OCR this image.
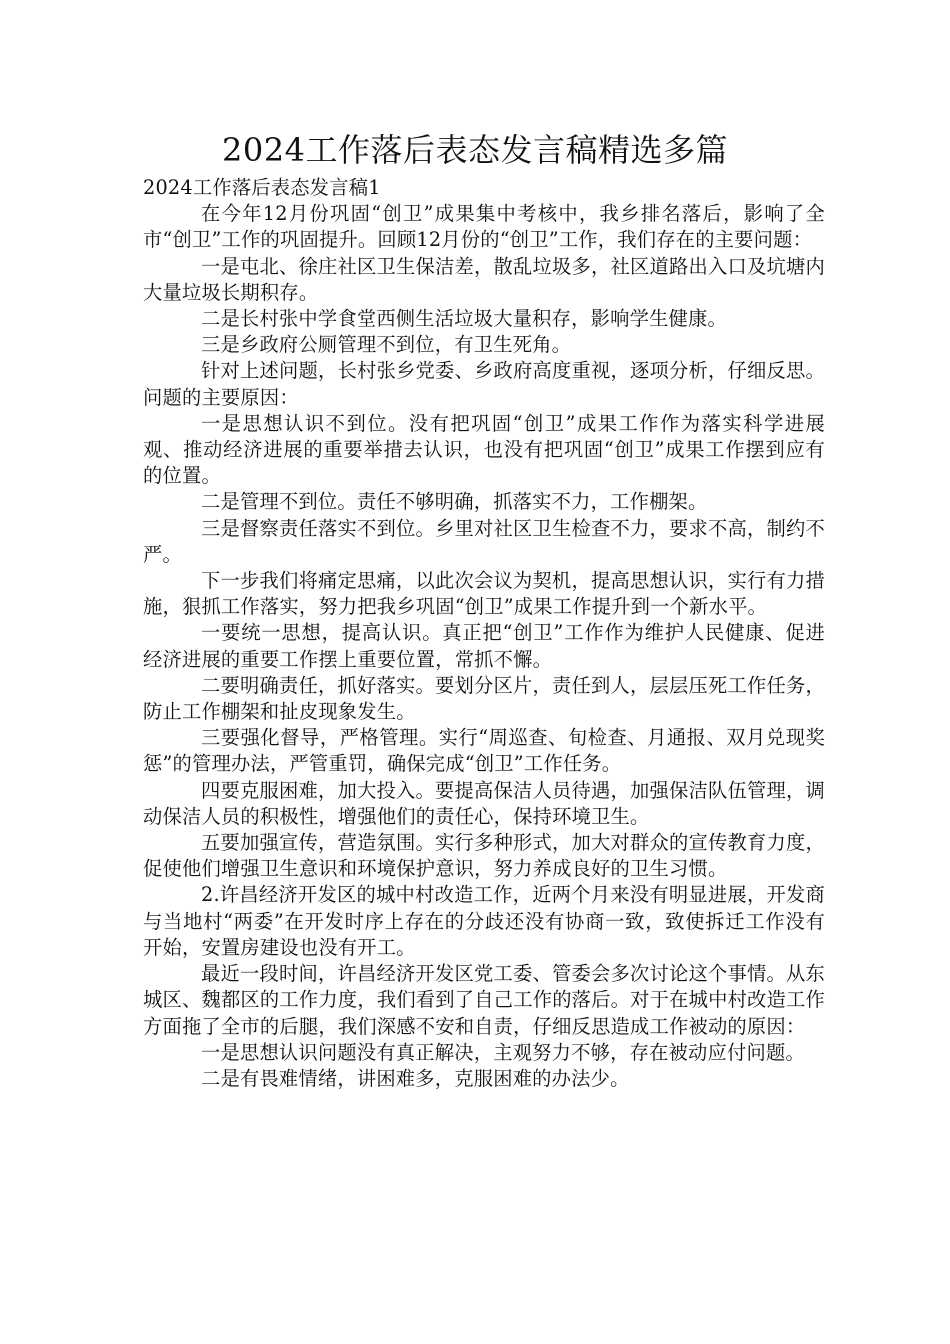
2024工作落后表态发言稿精选多篇

2024工作落后表态发言稿1

在今年12月份巩固“创卫”成果集中考核中，我乡排名落后，影响了全市“创卫”工作的巩固提升。回顾12月份的“创卫”工作，我们存在的主要问题：

一是屯北、徐庄社区卫生保洁差，散乱垃圾多，社区道路出入口及坑塘内大量垃圾长期积存。

二是长村张中学食堂西侧生活垃圾大量积存，影响学生健康。

三是乡政府公厕管理不到位，有卫生死角。

针对上述问题，长村张乡党委、乡政府高度重视，逐项分析，仔细反思。问题的主要原因：

一是思想认识不到位。没有把巩固“创卫”成果工作作为落实科学进展观、推动经济进展的重要举措去认识，也没有把巩固“创卫”成果工作摆到应有的位置。

二是管理不到位。责任不够明确，抓落实不力，工作棚架。

三是督察责任落实不到位。乡里对社区卫生检查不力，要求不高，制约不严。

下一步我们将痛定思痛，以此次会议为契机，提高思想认识，实行有力措施，狠抓工作落实，努力把我乡巩固“创卫”成果工作提升到一个新水平。

一要统一思想，提高认识。真正把“创卫”工作作为维护人民健康、促进经济进展的重要工作摆上重要位置，常抓不懈。

二要明确责任，抓好落实。要划分区片，责任到人，层层压死工作任务，防止工作棚架和扯皮现象发生。

三要强化督导，严格管理。实行“周巡查、旬检查、月通报、双月兑现奖惩”的管理办法，严管重罚，确保完成“创卫”工作任务。

四要克服困难，加大投入。要提高保洁人员待遇，加强保洁队伍管理，调动保洁人员的积极性，增强他们的责任心，保持环境卫生。

五要加强宣传，营造氛围。实行多种形式，加大对群众的宣传教育力度，促使他们增强卫生意识和环境保护意识，努力养成良好的卫生习惯。

2.许昌经济开发区的城中村改造工作，近两个月来没有明显进展，开发商与当地村“两委”在开发时序上存在的分歧还没有协商一致，致使拆迁工作没有开始，安置房建设也没有开工。

最近一段时间，许昌经济开发区党工委、管委会多次讨论这个事情。从东城区、魏都区的工作力度，我们看到了自己工作的落后。对于在城中村改造工作方面拖了全市的后腿，我们深感不安和自责，仔细反思造成工作被动的原因：

一是思想认识问题没有真正解决，主观努力不够，存在被动应付问题。

二是有畏难情绪，讲困难多，克服困难的办法少。
